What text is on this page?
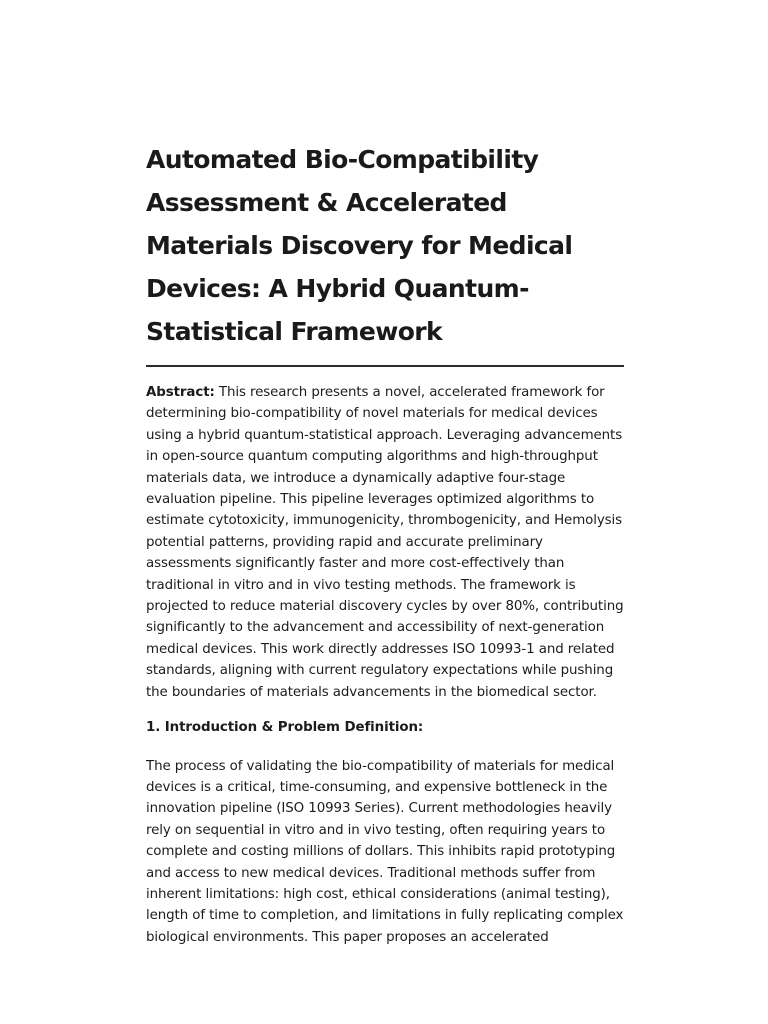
Automated Bio-Compatibility Assessment & Accelerated Materials Discovery for Medical Devices: A Hybrid Quantum-Statistical Framework

Abstract: This research presents a novel, accelerated framework for determining bio-compatibility of novel materials for medical devices using a hybrid quantum-statistical approach. Leveraging advancements in open-source quantum computing algorithms and high-throughput materials data, we introduce a dynamically adaptive four-stage evaluation pipeline. This pipeline leverages optimized algorithms to estimate cytotoxicity, immunogenicity, thrombogenicity, and Hemolysis potential patterns, providing rapid and accurate preliminary assessments significantly faster and more cost-effectively than traditional in vitro and in vivo testing methods. The framework is projected to reduce material discovery cycles by over 80%, contributing significantly to the advancement and accessibility of next-generation medical devices. This work directly addresses ISO 10993-1 and related standards, aligning with current regulatory expectations while pushing the boundaries of materials advancements in the biomedical sector.

1. Introduction & Problem Definition:

The process of validating the bio-compatibility of materials for medical devices is a critical, time-consuming, and expensive bottleneck in the innovation pipeline (ISO 10993 Series). Current methodologies heavily rely on sequential in vitro and in vivo testing, often requiring years to complete and costing millions of dollars. This inhibits rapid prototyping and access to new medical devices. Traditional methods suffer from inherent limitations: high cost, ethical considerations (animal testing), length of time to completion, and limitations in fully replicating complex biological environments. This paper proposes an accelerated
